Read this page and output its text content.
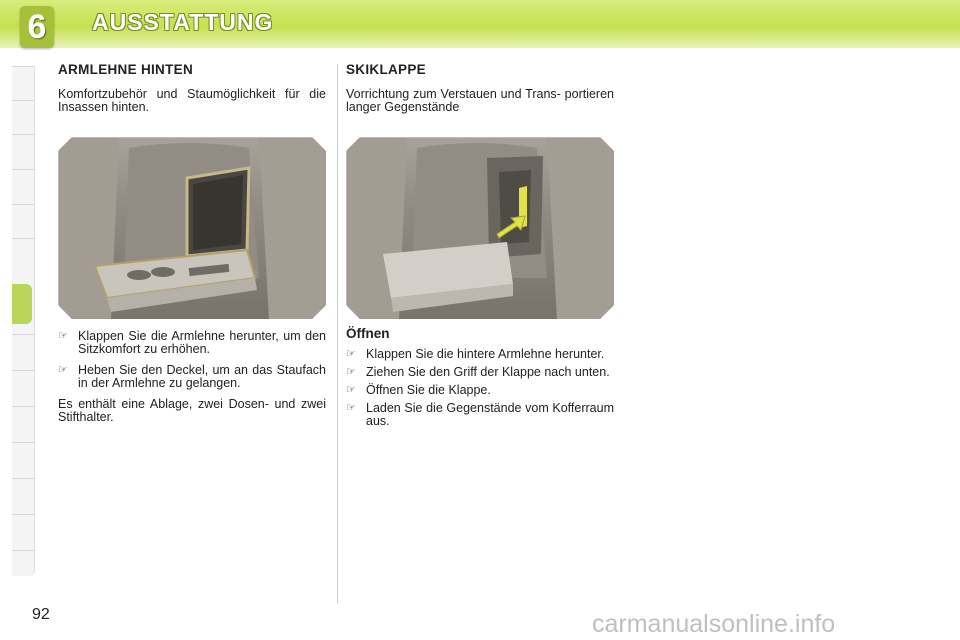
6	AUSSTATTUNG
ARMLEHNE HINTEN

Komfortzubehör und Staumöglichkeit für die Insassen hinten.

☞ Klappen Sie die Armlehne herunter, um den Sitzkomfort zu erhöhen.
☞ Heben Sie den Deckel, um an das Staufach in der Armlehne zu gelangen.

Es enthält eine Ablage, zwei Dosen- und zwei Stifthalter.

SKIKLAPPE

Vorrichtung zum Verstauen und Trans- portieren langer Gegenstände

Öffnen
☞ Klappen Sie die hintere Armlehne herunter.
☞ Ziehen Sie den Griff der Klappe nach unten.
☞ Öffnen Sie die Klappe.
☞ Laden Sie die Gegenstände vom Kofferraum aus.
92	carmanualsonline.info
